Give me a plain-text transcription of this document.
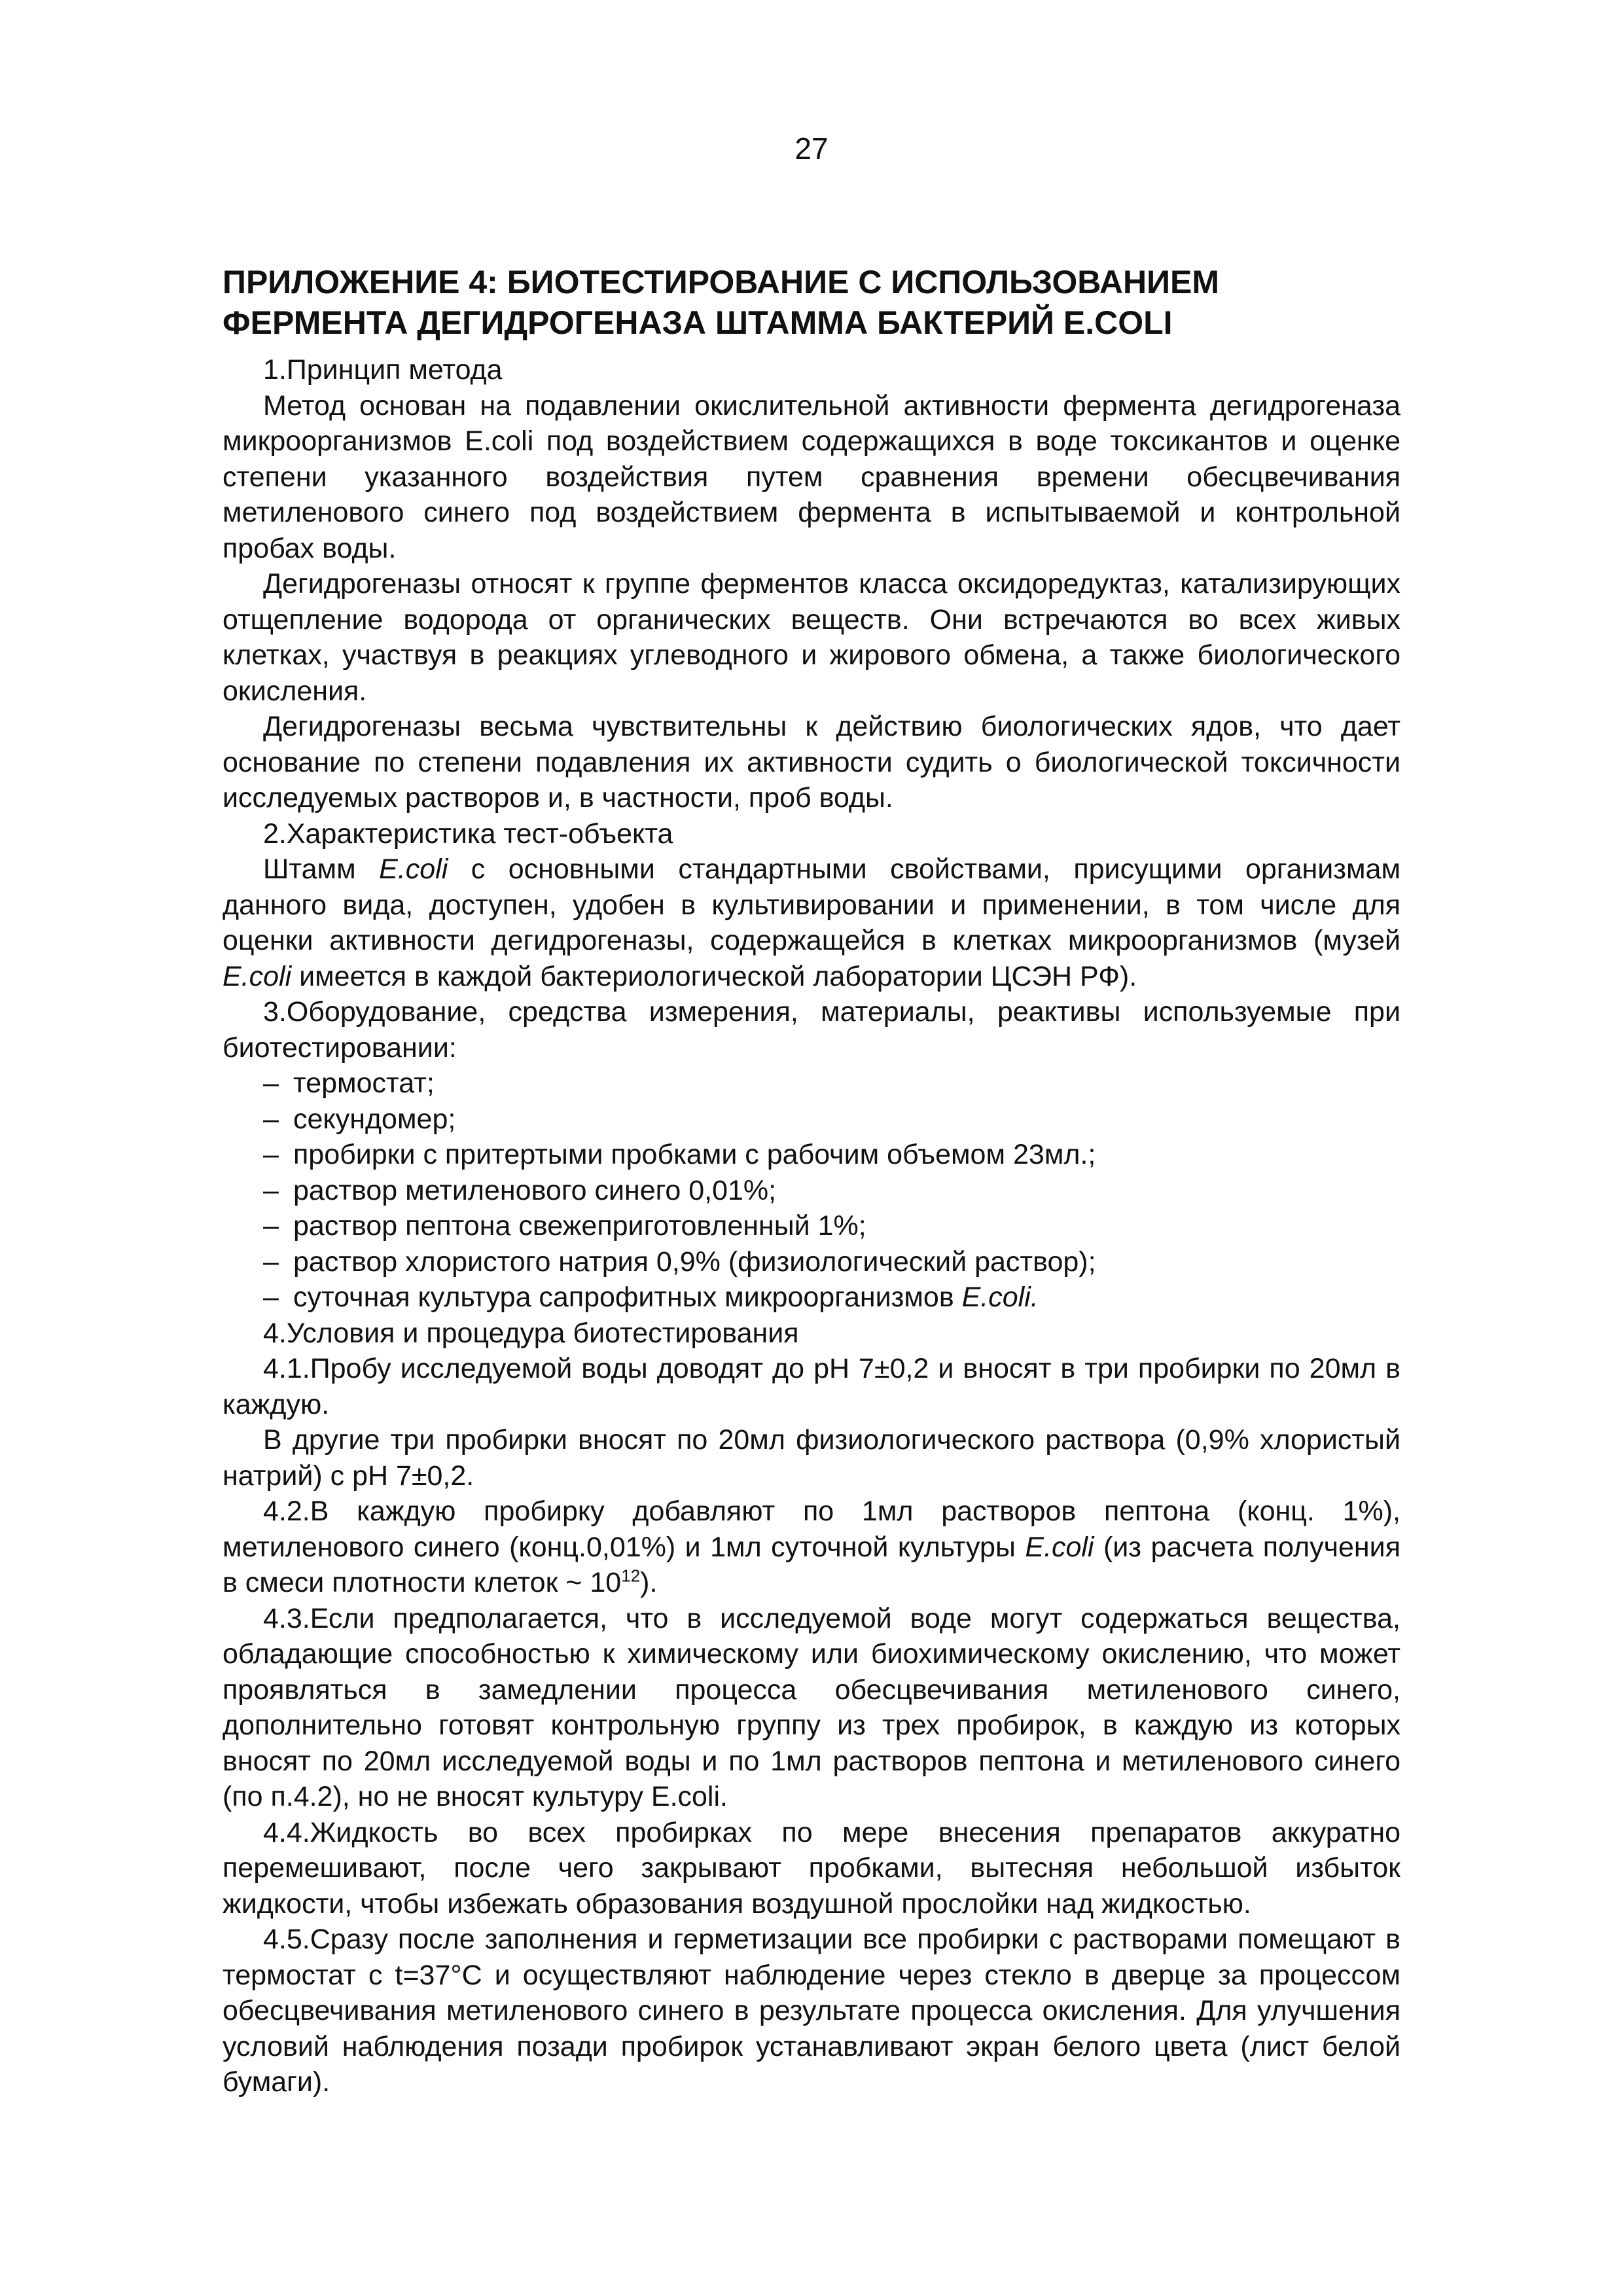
27
ПРИЛОЖЕНИЕ 4: БИОТЕСТИРОВАНИЕ С ИСПОЛЬЗОВАНИЕМ ФЕРМЕНТА ДЕГИДРОГЕНАЗА ШТАММА БАКТЕРИЙ E.COLI

1.Принцип метода

Метод основан на подавлении окислительной активности фермента дегидрогеназа микроорганизмов E.coli под воздействием содержащихся в воде токсикантов и оценке степени указанного воздействия путем сравнения времени обесцвечивания метиленового синего под воздействием фермента в испытываемой и контрольной пробах воды.

Дегидрогеназы относят к группе ферментов класса оксидоредуктаз, катализирующих отщепление водорода от органических веществ. Они встречаются во всех живых клетках, участвуя в реакциях углеводного и жирового обмена, а также биологического окисления.

Дегидрогеназы весьма чувствительны к действию биологических ядов, что дает основание по степени подавления их активности судить о биологической токсичности исследуемых растворов и, в частности, проб воды.

2.Характеристика тест-объекта

Штамм E.coli с основными стандартными свойствами, присущими организмам данного вида, доступен, удобен в культивировании и применении, в том числе для оценки активности дегидрогеназы, содержащейся в клетках микроорганизмов (музей E.coli имеется в каждой бактериологической лаборатории ЦСЭН РФ).

3.Оборудование, средства измерения, материалы, реактивы используемые при биотестировании:

– термостат;
– секундомер;
– пробирки с притертыми пробками с рабочим объемом 23мл.;
– раствор метиленового синего 0,01%;
– раствор пептона свежеприготовленный 1%;
– раствор хлористого натрия 0,9% (физиологический раствор);
– суточная культура сапрофитных микроорганизмов E.coli.

4.Условия и процедура биотестирования

4.1.Пробу исследуемой воды доводят до pH 7±0,2 и вносят в три пробирки по 20мл в каждую.

В другие три пробирки вносят по 20мл физиологического раствора (0,9% хлористый натрий) с pH 7±0,2.

4.2.В каждую пробирку добавляют по 1мл растворов пептона (конц. 1%), метиленового синего (конц.0,01%) и 1мл суточной культуры E.coli (из расчета получения в смеси плотности клеток ~ $10^{12}$).

4.3.Если предполагается, что в исследуемой воде могут содержаться вещества, обладающие способностью к химическому или биохимическому окислению, что может проявляться в замедлении процесса обесцвечивания метиленового синего, дополнительно готовят контрольную группу из трех пробирок, в каждую из которых вносят по 20мл исследуемой воды и по 1мл растворов пептона и метиленового синего (по п.4.2), но не вносят культуру E.coli.

4.4.Жидкость во всех пробирках по мере внесения препаратов аккуратно перемешивают, после чего закрывают пробками, вытесняя небольшой избыток жидкости, чтобы избежать образования воздушной прослойки над жидкостью.

4.5.Сразу после заполнения и герметизации все пробирки с растворами помещают в термостат с t=37°C и осуществляют наблюдение через стекло в дверце за процессом обесцвечивания метиленового синего в результате процесса окисления. Для улучшения условий наблюдения позади пробирок устанавливают экран белого цвета (лист белой бумаги).
